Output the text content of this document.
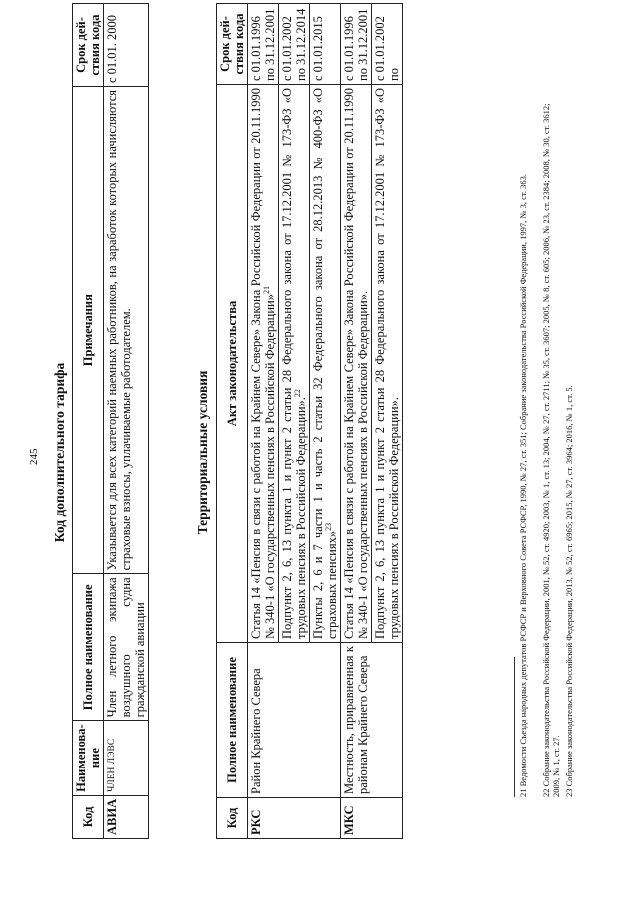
245 Код дополнительного тарифа
Код	Наименова-ние	Полное наименование	Примечания	Срок дей-ствия кода
АВИА	ЧЛЕН ЛЭВС	Член летного экипажа воздушного судна гражданской авиации	Указывается для всех категорий наемных работников, на заработок которых начисляются страховые взносы, уплачиваемые работодателем.	с 01.01. 2000
Территориальные условия
Код	Полное наименование	Акт законодательства	Срок дей-ствия кода
РКС	Район Крайнего Севера	Статья 14 «Пенсия в связи с работой на Крайнем Севере» Закона Российской Федерации от 20.11.1990 № 340-1 «О государственных пенсиях в Российской Федерации»$^{21}$	с 01.01.1996 по 31.12.2001
		Подпункт 2, 6, 13 пункта 1 и пункт 2 статьи 28 Федерального закона от 17.12.2001 № 173-ФЗ «О трудовых пенсиях в Российской Федерации».$^{22}$	с 01.01.2002 по 31.12.2014
		Пункты 2, 6 и 7 части 1 и часть 2 статьи 32 Федерального закона от 28.12.2013 № 400-ФЗ «О страховых пенсиях»$^{23}$	с 01.01.2015
МКС	Местность, приравненная к районам Крайнего Севера	Статья 14 «Пенсия в связи с работой на Крайнем Севере» Закона Российской Федерации от 20.11.1990 № 340-1 «О государственных пенсиях в Российской Федерации».	с 01.01.1996 по 31.12.2001
		Подпункт 2, 6, 13 пункта 1 и пункт 2 статьи 28 Федерального закона от 17.12.2001 № 173-ФЗ «О трудовых пенсиях в Российской Федерации».	с 01.01.2002 по
21 Ведомости Съезда народных депутатов РСФСР и Верховного Совета РСФСР, 1990, № 27, ст. 351; Собрание законодательства Российской Федерации, 1997, № 3, ст. 363. 22 Собрание законодательства Российской Федерации, 2001, № 52, ст. 4920; 2003, № 1, ст. 13; 2004, № 27, ст. 2711; № 35, ст. 3607; 2005, № 8, ст. 605; 2006, № 23, ст. 2384; 2008, № 30, ст. 3612; 2009, № 1, ст. 27. 23 Собрание законодательства Российской Федерации, 2013, № 52, ст. 6965; 2015, № 27, ст. 3964; 2016, № 1, ст. 5.
